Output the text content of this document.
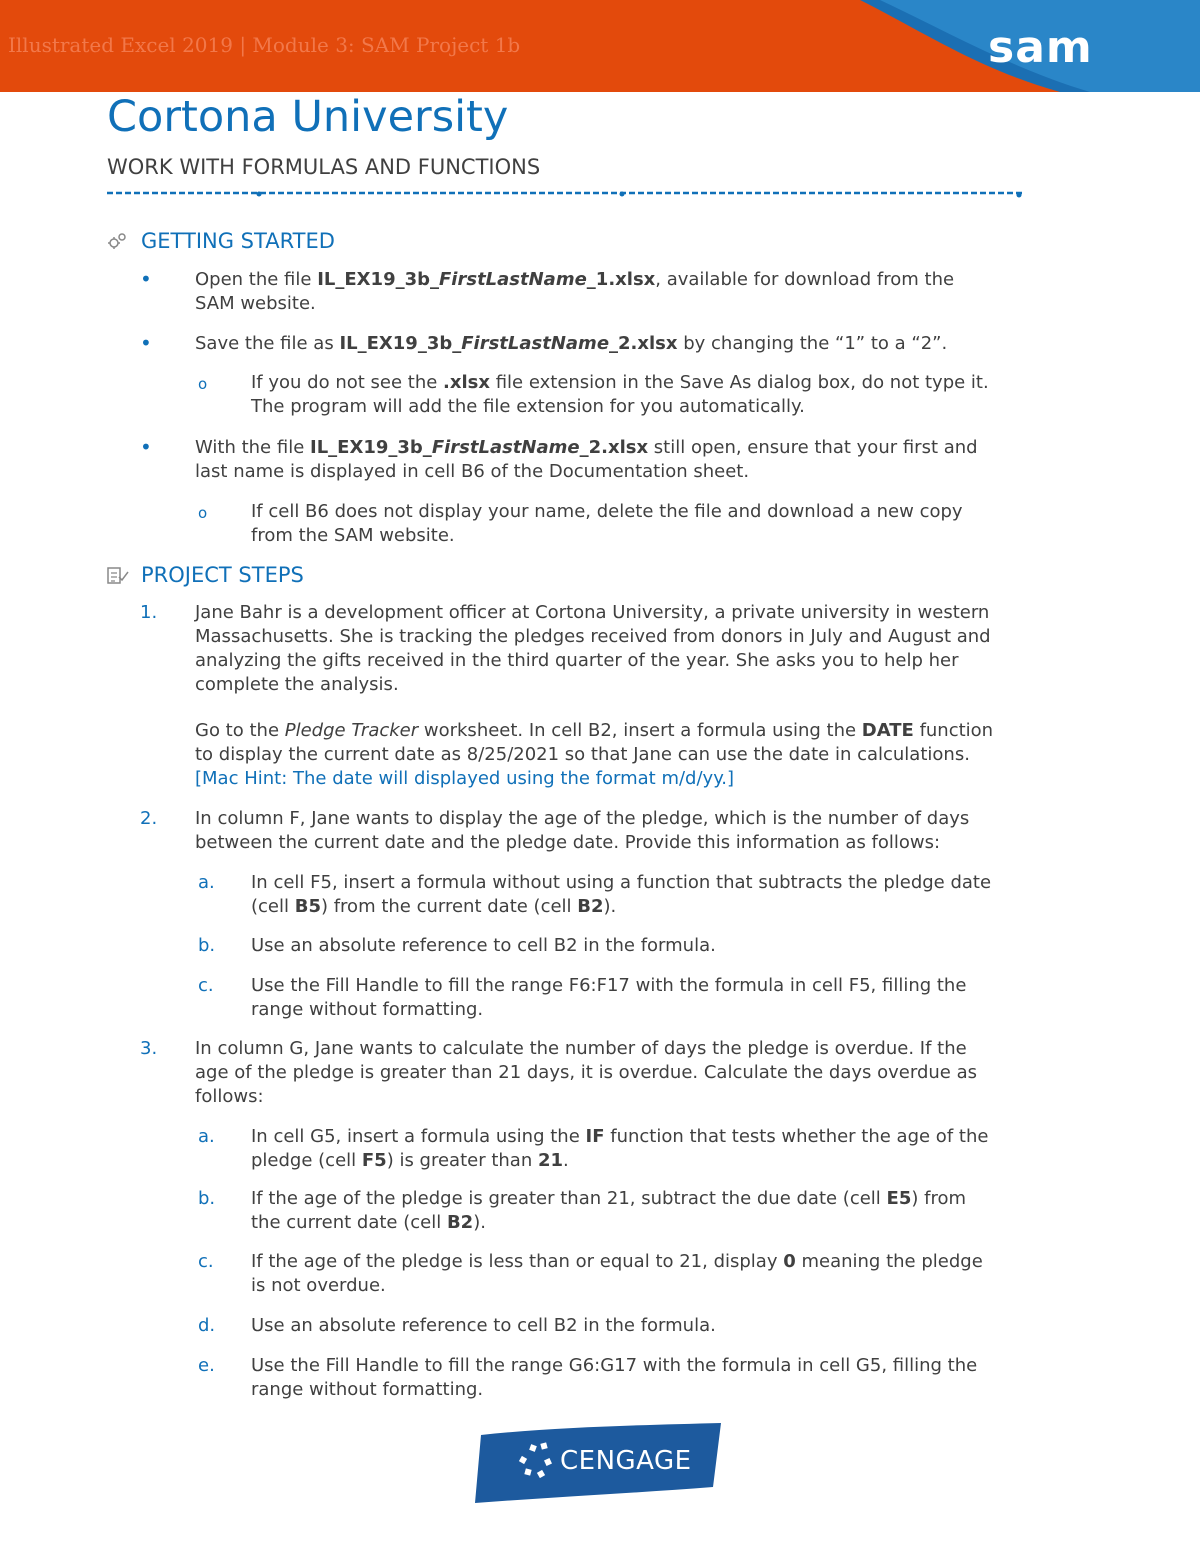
Illustrated Excel 2019 | Module 3: SAM Project 1b	sam
Cortona University
WORK WITH FORMULAS AND FUNCTIONS
GETTING STARTED
• Open the file IL_EX19_3b_FirstLastName_1.xlsx, available for download from the
SAM website.
• Save the file as IL_EX19_3b_FirstLastName_2.xlsx by changing the “1” to a “2”.
o If you do not see the .xlsx file extension in the Save As dialog box, do not type it.
The program will add the file extension for you automatically.
• With the file IL_EX19_3b_FirstLastName_2.xlsx still open, ensure that your first and
last name is displayed in cell B6 of the Documentation sheet.
o If cell B6 does not display your name, delete the file and download a new copy
from the SAM website.
PROJECT STEPS
1. Jane Bahr is a development officer at Cortona University, a private university in western
Massachusetts. She is tracking the pledges received from donors in July and August and
analyzing the gifts received in the third quarter of the year. She asks you to help her
complete the analysis.
Go to the Pledge Tracker worksheet. In cell B2, insert a formula using the DATE function
to display the current date as 8/25/2021 so that Jane can use the date in calculations.
[Mac Hint: The date will displayed using the format m/d/yy.]
2. In column F, Jane wants to display the age of the pledge, which is the number of days
between the current date and the pledge date. Provide this information as follows:
a. In cell F5, insert a formula without using a function that subtracts the pledge date
(cell B5) from the current date (cell B2).
b. Use an absolute reference to cell B2 in the formula.
c. Use the Fill Handle to fill the range F6:F17 with the formula in cell F5, filling the
range without formatting.
3. In column G, Jane wants to calculate the number of days the pledge is overdue. If the
age of the pledge is greater than 21 days, it is overdue. Calculate the days overdue as
follows:
a. In cell G5, insert a formula using the IF function that tests whether the age of the
pledge (cell F5) is greater than 21.
b. If the age of the pledge is greater than 21, subtract the due date (cell E5) from
the current date (cell B2).
c. If the age of the pledge is less than or equal to 21, display 0 meaning the pledge
is not overdue.
d. Use an absolute reference to cell B2 in the formula.
e. Use the Fill Handle to fill the range G6:G17 with the formula in cell G5, filling the
range without formatting.
CENGAGE
